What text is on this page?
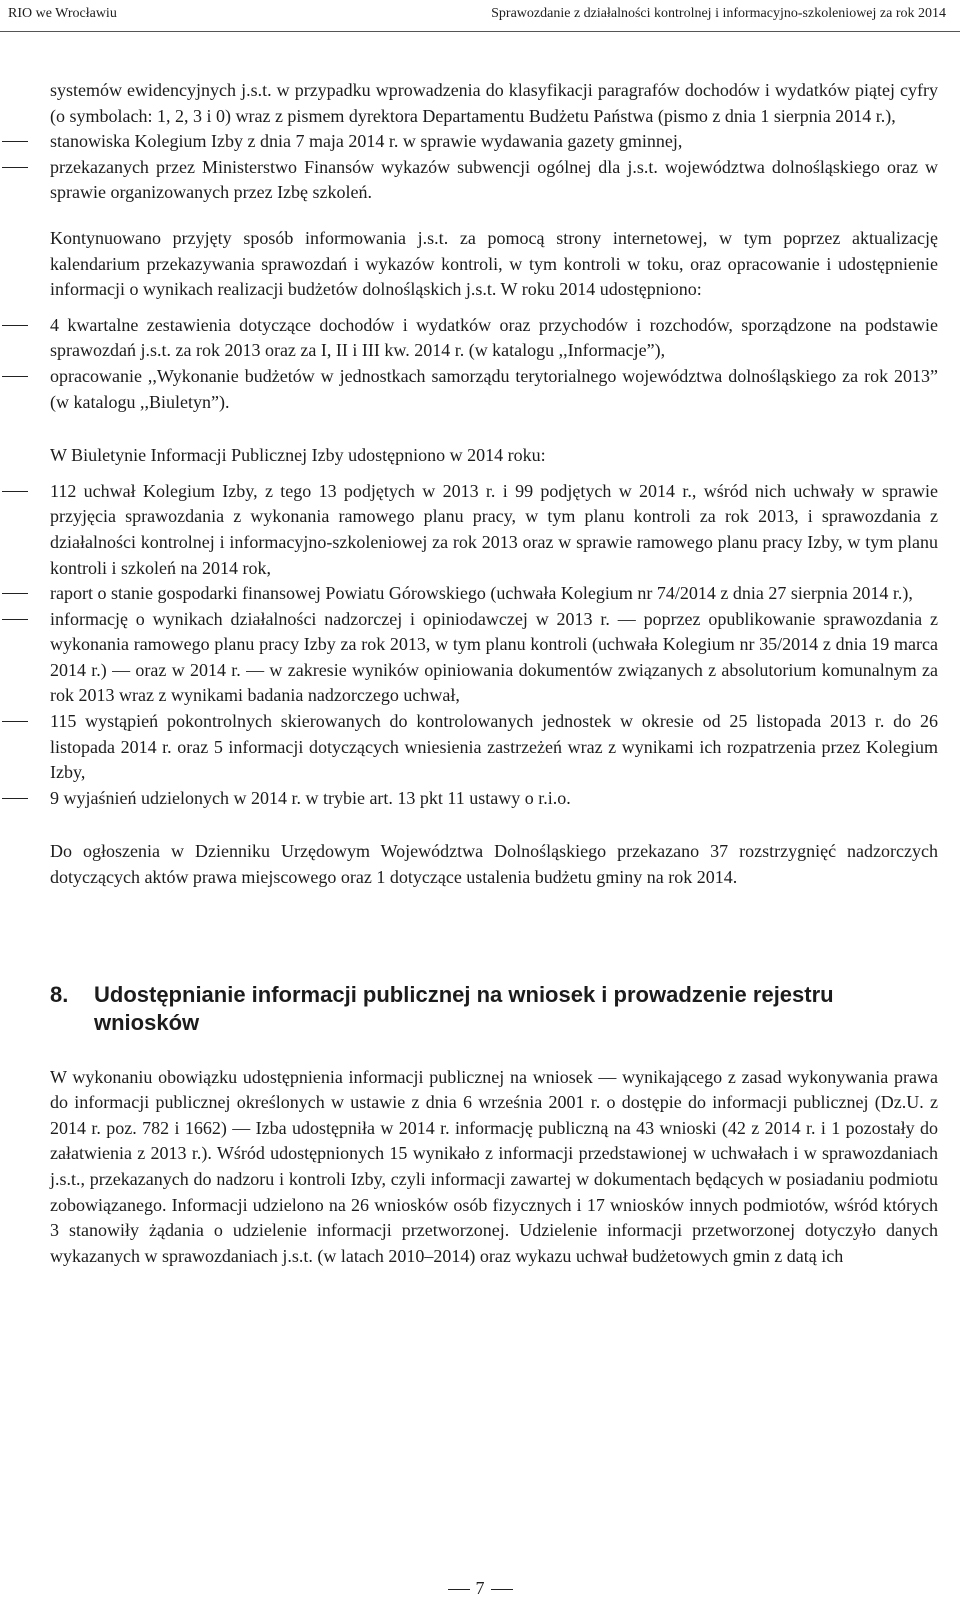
RIO we Wrocławiu	Sprawozdanie z działalności kontrolnej i informacyjno-szkoleniowej za rok 2014

systemów ewidencyjnych j.s.t. w przypadku wprowadzenia do klasyfikacji paragrafów dochodów i wydatków piątej cyfry (o symbolach: 1, 2, 3 i 0) wraz z pismem dyrektora Departamentu Budżetu Państwa (pismo z dnia 1 sierpnia 2014 r.),

stanowiska Kolegium Izby z dnia 7 maja 2014 r. w sprawie wydawania gazety gminnej,
przekazanych przez Ministerstwo Finansów wykazów subwencji ogólnej dla j.s.t. województwa dolnośląskiego oraz w sprawie organizowanych przez Izbę szkoleń.

Kontynuowano przyjęty sposób informowania j.s.t. za pomocą strony internetowej, w tym poprzez aktualizację kalendarium przekazywania sprawozdań i wykazów kontroli, w tym kontroli w toku, oraz opracowanie i udostępnienie informacji o wynikach realizacji budżetów dolnośląskich j.s.t. W roku 2014 udostępniono:

4 kwartalne zestawienia dotyczące dochodów i wydatków oraz przychodów i rozchodów, sporządzone na podstawie sprawozdań j.s.t. za rok 2013 oraz za I, II i III kw. 2014 r. (w katalogu ,,Informacje”),
opracowanie ,,Wykonanie budżetów w jednostkach samorządu terytorialnego województwa dolnośląskiego za rok 2013” (w katalogu ,,Biuletyn”).

W Biuletynie Informacji Publicznej Izby udostępniono w 2014 roku:

112 uchwał Kolegium Izby, z tego 13 podjętych w 2013 r. i 99 podjętych w 2014 r., wśród nich uchwały w sprawie przyjęcia sprawozdania z wykonania ramowego planu pracy, w tym planu kontroli za rok 2013, i sprawozdania z działalności kontrolnej i informacyjno-szkoleniowej za rok 2013 oraz w sprawie ramowego planu pracy Izby, w tym planu kontroli i szkoleń na 2014 rok,
raport o stanie gospodarki finansowej Powiatu Górowskiego (uchwała Kolegium nr 74/2014 z dnia 27 sierpnia 2014 r.),
informację o wynikach działalności nadzorczej i opiniodawczej w 2013 r. — poprzez opublikowanie sprawozdania z wykonania ramowego planu pracy Izby za rok 2013, w tym planu kontroli (uchwała Kolegium nr 35/2014 z dnia 19 marca 2014 r.) — oraz w 2014 r. — w zakresie wyników opiniowania dokumentów związanych z absolutorium komunalnym za rok 2013 wraz z wynikami badania nadzorczego uchwał,
115 wystąpień pokontrolnych skierowanych do kontrolowanych jednostek w okresie od 25 listopada 2013 r. do 26 listopada 2014 r. oraz 5 informacji dotyczących wniesienia zastrzeżeń wraz z wynikami ich rozpatrzenia przez Kolegium Izby,
9 wyjaśnień udzielonych w 2014 r. w trybie art. 13 pkt 11 ustawy o r.i.o.

Do ogłoszenia w Dzienniku Urzędowym Województwa Dolnośląskiego przekazano 37 rozstrzygnięć nadzorczych dotyczących aktów prawa miejscowego oraz 1 dotyczące ustalenia budżetu gminy na rok 2014.

8.	Udostępnianie informacji publicznej na wniosek i prowadzenie rejestru wniosków

W wykonaniu obowiązku udostępnienia informacji publicznej na wniosek — wynikającego z zasad wykonywania prawa do informacji publicznej określonych w ustawie z dnia 6 września 2001 r. o dostępie do informacji publicznej (Dz.U. z 2014 r. poz. 782 i 1662) — Izba udostępniła w 2014 r. informację publiczną na 43 wnioski (42 z 2014 r. i 1 pozostały do załatwienia z 2013 r.). Wśród udostępnionych 15 wynikało z informacji przedstawionej w uchwałach i w sprawozdaniach j.s.t., przekazanych do nadzoru i kontroli Izby, czyli informacji zawartej w dokumentach będących w posiadaniu podmiotu zobowiązanego. Informacji udzielono na 26 wniosków osób fizycznych i 17 wniosków innych podmiotów, wśród których 3 stanowiły żądania o udzielenie informacji przetworzonej. Udzielenie informacji przetworzonej dotyczyło danych wykazanych w sprawozdaniach j.s.t. (w latach 2010–2014) oraz wykazu uchwał budżetowych gmin z datą ich

7
